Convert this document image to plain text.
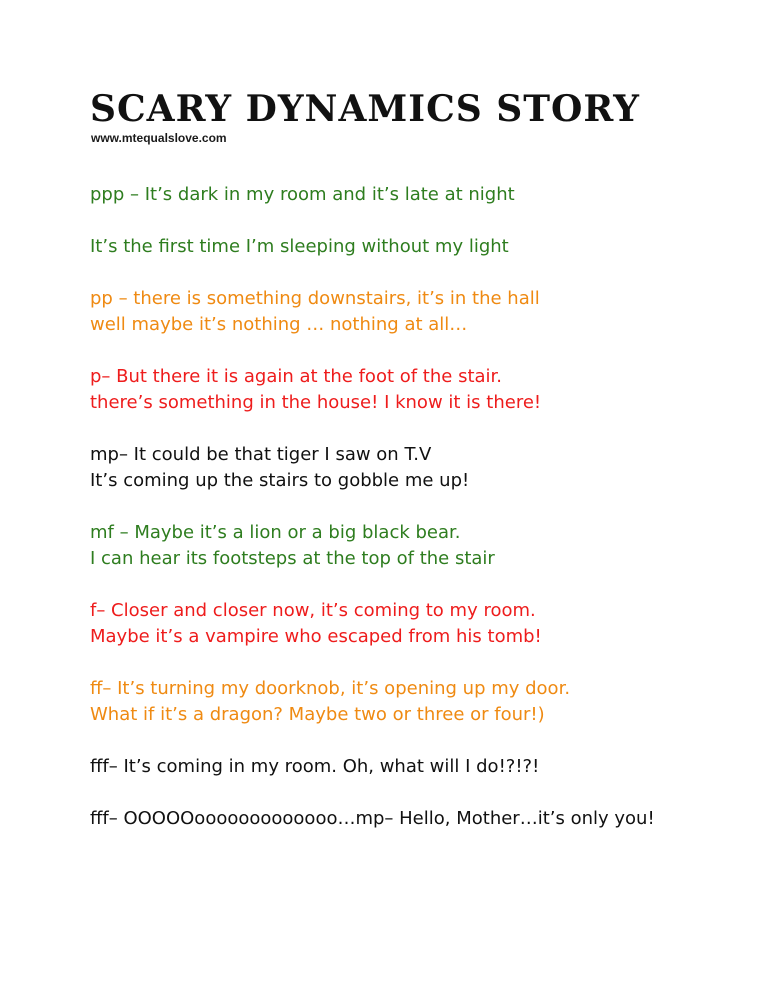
SCARY DYNAMICS STORY
www.mtequalslove.com
ppp – It’s dark in my room and it’s late at night
It’s the first time I’m sleeping without my light
pp – there is something downstairs, it’s in the hall
well maybe it’s nothing … nothing at all…
p– But there it is again at the foot of the stair.
there’s something in the house! I know it is there!
mp– It could be that tiger I saw on T.V
It’s coming up the stairs to gobble me up!
mf – Maybe it’s a lion or a big black bear.
I can hear its footsteps at the top of the stair
f– Closer and closer now, it’s coming to my room.
Maybe it’s a vampire who escaped from his tomb!
ff– It’s turning my doorknob, it’s opening up my door.
What if it’s a dragon? Maybe two or three or four!)
fff– It’s coming in my room. Oh, what will I do!?!?!
fff– OOOOOooooooooooooo…mp– Hello, Mother…it’s only you!
